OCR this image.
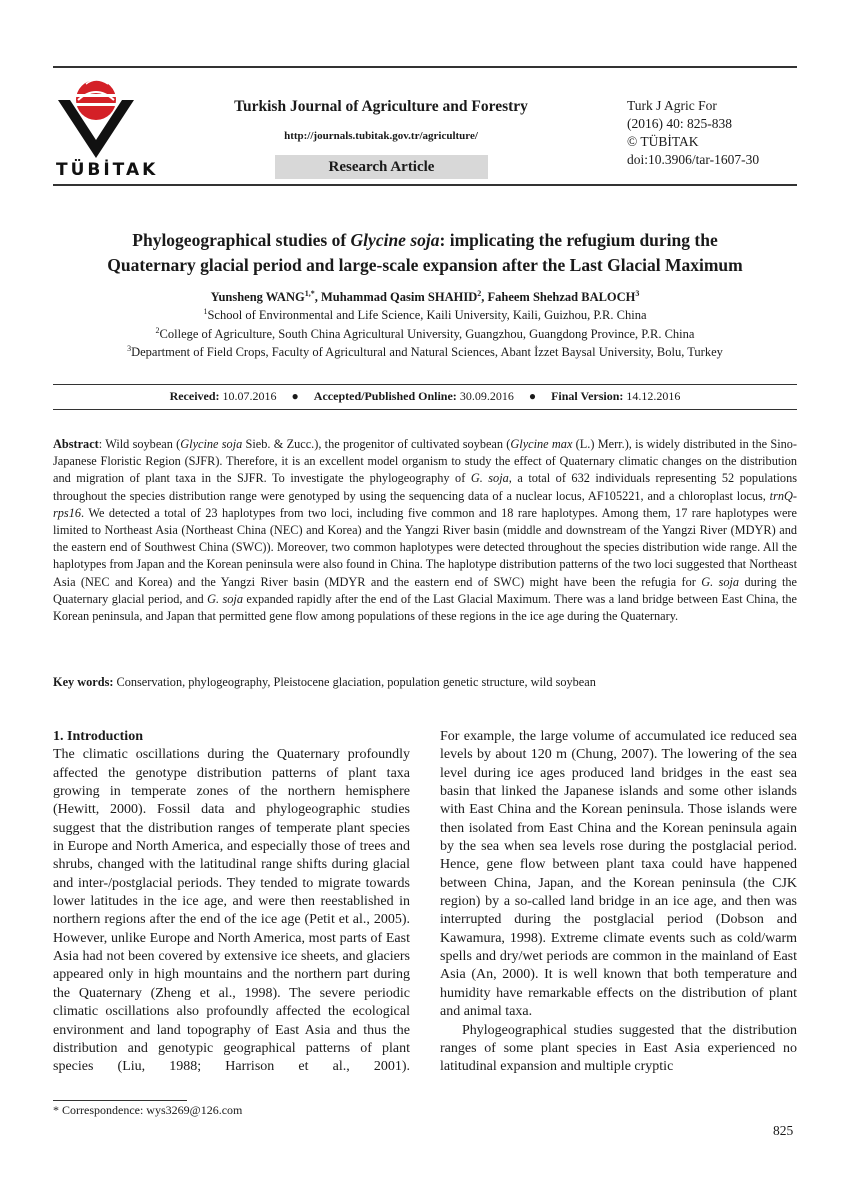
TÜBİTAK
Turkish Journal of Agriculture and Forestry
http://journals.tubitak.gov.tr/agriculture/
Research Article
Turk J Agric For
(2016) 40: 825-838
© TÜBİTAK
doi:10.3906/tar-1607-30
Phylogeographical studies of Glycine soja: implicating the refugium during the
Quaternary glacial period and large-scale expansion after the Last Glacial Maximum
Yunsheng $WANG^{1,*}$, Muhammad Qasim SHAHID$^2$, Faheem Shehzad BALOCH$^3$
$^1$School of Environmental and Life Science, Kaili University, Kaili, Guizhou, P.R. China
$^2$College of Agriculture, South China Agricultural University, Guangzhou, Guangdong Province, P.R. China
$^3$Department of Field Crops, Faculty of Agricultural and Natural Sciences, Abant İzzet Baysal University, Bolu, Turkey
Received: 10.07.2016 ● Accepted/Published Online: 30.09.2016 ● Final Version: 14.12.2016
Abstract: Wild soybean (Glycine soja Sieb. & Zucc.), the progenitor of cultivated soybean (Glycine max (L.) Merr.), is widely distributed in the Sino-Japanese Floristic Region (SJFR). Therefore, it is an excellent model organism to study the effect of Quaternary climatic changes on the distribution and migration of plant taxa in the SJFR. To investigate the phylogeography of G. soja, a total of 632 individuals representing 52 populations throughout the species distribution range were genotyped by using the sequencing data of a nuclear locus, AF105221, and a chloroplast locus, trnQ-rps16. We detected a total of 23 haplotypes from two loci, including five common and 18 rare haplotypes. Among them, 17 rare haplotypes were limited to Northeast Asia (Northeast China (NEC) and Korea) and the Yangzi River basin (middle and downstream of the Yangzi River (MDYR) and the eastern end of Southwest China (SWC)). Moreover, two common haplotypes were detected throughout the species distribution wide range. All the haplotypes from Japan and the Korean peninsula were also found in China. The haplotype distribution patterns of the two loci suggested that Northeast Asia (NEC and Korea) and the Yangzi River basin (MDYR and the eastern end of SWC) might have been the refugia for G. soja during the Quaternary glacial period, and G. soja expanded rapidly after the end of the Last Glacial Maximum. There was a land bridge between East China, the Korean peninsula, and Japan that permitted gene flow among populations of these regions in the ice age during the Quaternary.
Key words: Conservation, phylogeography, Pleistocene glaciation, population genetic structure, wild soybean

1. Introduction

The climatic oscillations during the Quaternary profoundly affected the genotype distribution patterns of plant taxa growing in temperate zones of the northern hemisphere (Hewitt, 2000). Fossil data and phylogeographic studies suggest that the distribution ranges of temperate plant species in Europe and North America, and especially those of trees and shrubs, changed with the latitudinal range shifts during glacial and inter-/postglacial periods. They tended to migrate towards lower latitudes in the ice age, and were then reestablished in northern regions after the end of the ice age (Petit et al., 2005). However, unlike Europe and North America, most parts of East Asia had not been covered by extensive ice sheets, and glaciers appeared only in high mountains and the northern part during the Quaternary (Zheng et al., 1998). The severe periodic climatic oscillations also profoundly affected the ecological environment and land topography of East Asia and thus the distribution and genotypic geographical patterns of plant species (Liu, 1988; Harrison et al., 2001).

* Correspondence: wys3269@126.com

For example, the large volume of accumulated ice reduced sea levels by about 120 m (Chung, 2007). The lowering of the sea level during ice ages produced land bridges in the east sea basin that linked the Japanese islands and some other islands with East China and the Korean peninsula. Those islands were then isolated from East China and the Korean peninsula again by the sea when sea levels rose during the postglacial period. Hence, gene flow between plant taxa could have happened between China, Japan, and the Korean peninsula (the CJK region) by a so-called land bridge in an ice age, and then was interrupted during the postglacial period (Dobson and Kawamura, 1998). Extreme climate events such as cold/warm spells and dry/wet periods are common in the mainland of East Asia (An, 2000). It is well known that both temperature and humidity have remarkable effects on the distribution of plant and animal taxa.

Phylogeographical studies suggested that the distribution ranges of some plant species in East Asia experienced no latitudinal expansion and multiple cryptic

825
